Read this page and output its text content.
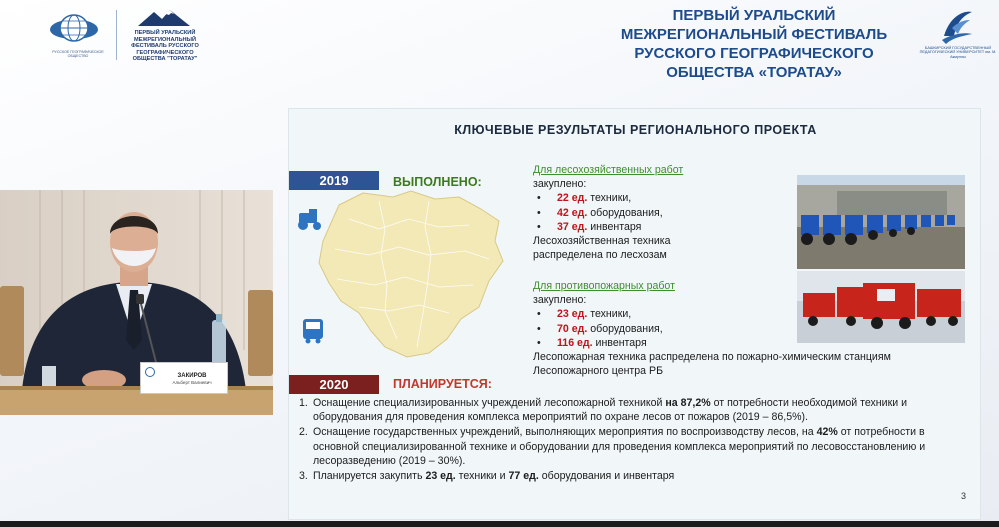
РУССКОЕ ГЕОГРАФИЧЕСКОЕ ОБЩЕСТВО
ПЕРВЫЙ УРАЛЬСКИЙ МЕЖРЕГИОНАЛЬНЫЙ ФЕСТИВАЛЬ РУССКОГО ГЕОГРАФИЧЕСКОГО ОБЩЕСТВА "ТОРАТАУ"
ПЕРВЫЙ УРАЛЬСКИЙ МЕЖРЕГИОНАЛЬНЫЙ ФЕСТИВАЛЬ РУССКОГО ГЕОГРАФИЧЕСКОГО ОБЩЕСТВА «ТОРАТАУ»
БАШКИРСКИЙ ГОСУДАРСТВЕННЫЙ ПЕДАГОГИЧЕСКИЙ УНИВЕРСИТЕТ им. М. Акмуллы
ЗАКИРОВ
Альберт Валиевич
КЛЮЧЕВЫЕ РЕЗУЛЬТАТЫ РЕГИОНАЛЬНОГО ПРОЕКТА
2019	ВЫПОЛНЕНО:
Для лесохозяйственных работ
закуплено:
• 22 ед. техники,
• 42 ед. оборудования,
• 37 ед. инвентаря
Лесохозяйственная техника распределена по лесхозам
Для противопожарных работ
закуплено:
• 23 ед. техники,
• 70 ед. оборудования,
• 116 ед. инвентаря
Лесопожарная техника распределена по пожарно-химическим станциям
Лесопожарного центра РБ
2020	ПЛАНИРУЕТСЯ:
1. Оснащение специализированных учреждений лесопожарной техникой на 87,2% от потребности необходимой техники и оборудования для проведения комплекса мероприятий по охране лесов от пожаров (2019 – 86,5%).
2. Оснащение государственных учреждений, выполняющих мероприятия по воспроизводству лесов, на 42% от потребности в основной специализированной технике и оборудовании для проведения комплекса мероприятий по лесовосстановлению и лесоразведению (2019 – 30%).
3. Планируется закупить 23 ед. техники и 77 ед. оборудования и инвентаря
3
